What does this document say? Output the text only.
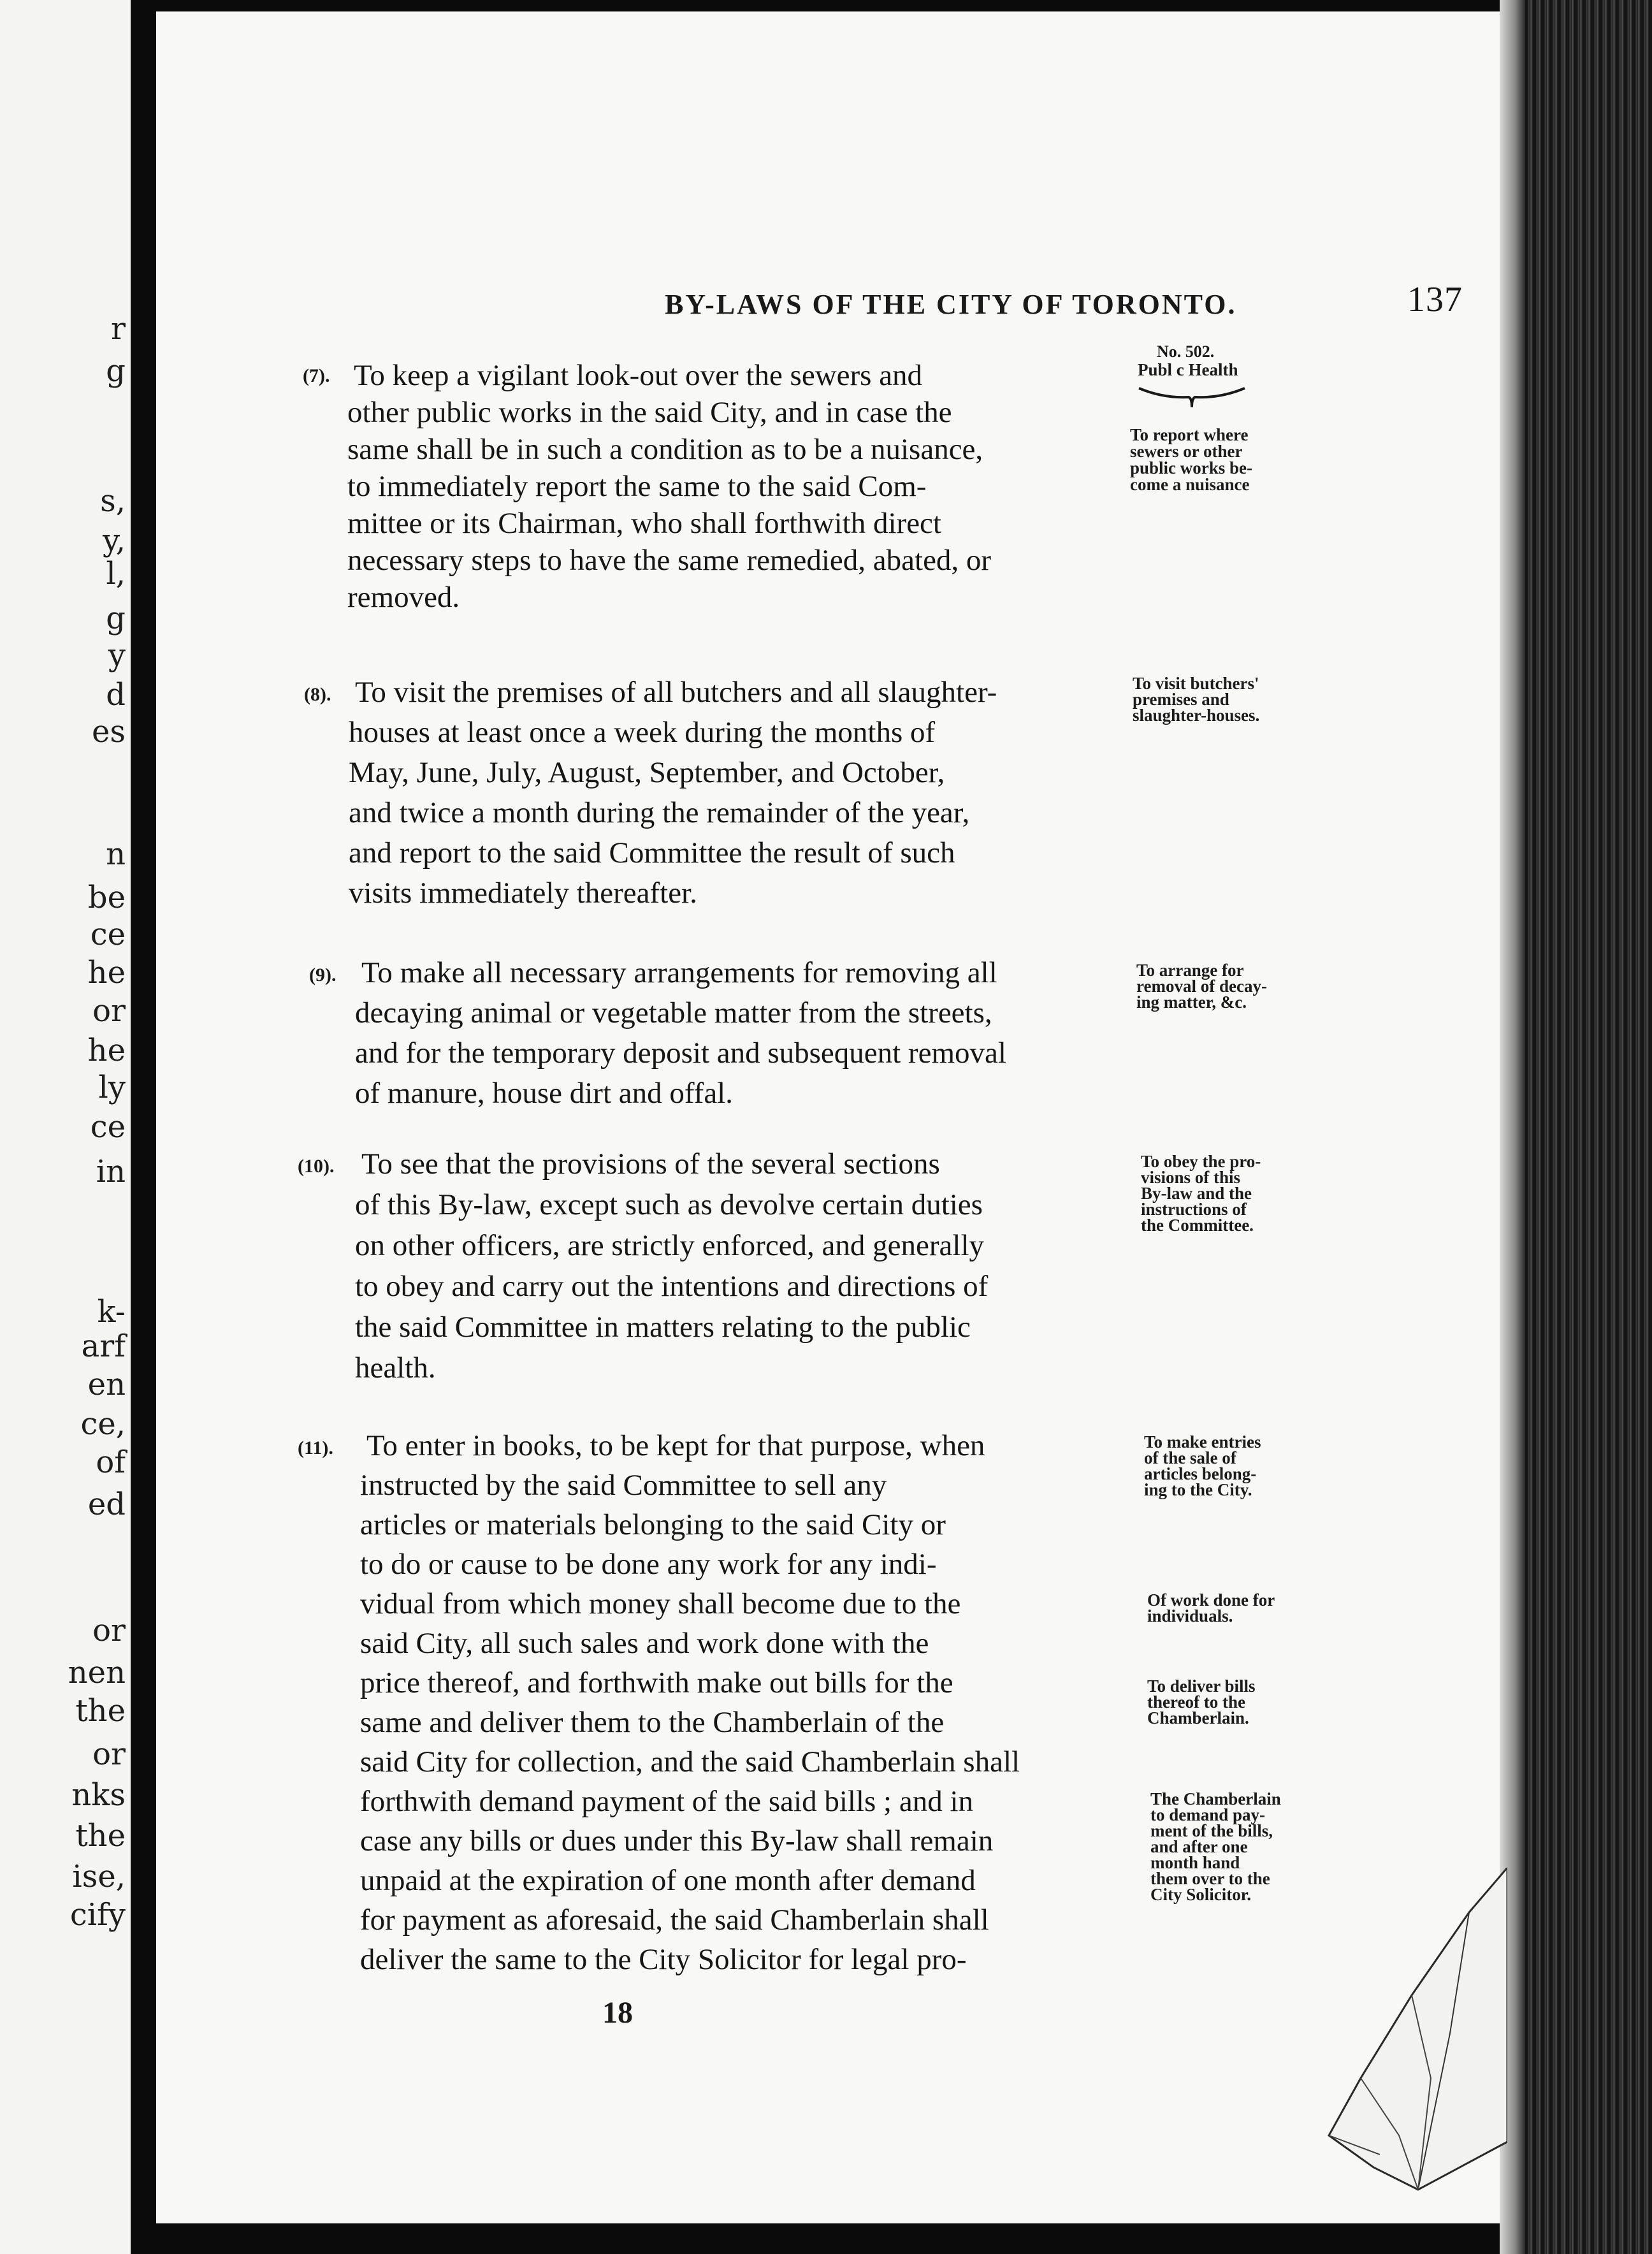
r
g
s,
y,
l,
g
y
d
es
n
be
ce
he
or
he
ly
ce
in
k-
arf
en
ce,
of
ed
or
nen
the
or
nks
the
ise,
cify
BY-LAWS OF THE CITY OF TORONTO.	137
No. 502.
Publ c Health
18
(7). To keep a vigilant look-out over the sewers and
other public works in the said City, and in case the
same shall be in such a condition as to be a nuisance,
to immediately report the same to the said Com-
mittee or its Chairman, who shall forthwith direct
necessary steps to have the same remedied, abated, or
removed.
To report where
sewers or other
public works be-
come a nuisance
(8). To visit the premises of all butchers and all slaughter-
houses at least once a week during the months of
May, June, July, August, September, and October,
and twice a month during the remainder of the year,
and report to the said Committee the result of such
visits immediately thereafter.
To visit butchers'
premises and
slaughter-houses.
(9). To make all necessary arrangements for removing all
decaying animal or vegetable matter from the streets,
and for the temporary deposit and subsequent removal
of manure, house dirt and offal.
To arrange for
removal of decay-
ing matter, &c.
(10). To see that the provisions of the several sections
of this By-law, except such as devolve certain duties
on other officers, are strictly enforced, and generally
to obey and carry out the intentions and directions of
the said Committee in matters relating to the public
health.
To obey the pro-
visions of this
By-law and the
instructions of
the Committee.
(11). To enter in books, to be kept for that purpose, when
instructed by the said Committee to sell any
articles or materials belonging to the said City or
to do or cause to be done any work for any indi-
vidual from which money shall become due to the
said City, all such sales and work done with the
price thereof, and forthwith make out bills for the
same and deliver them to the Chamberlain of the
said City for collection, and the said Chamberlain shall
forthwith demand payment of the said bills ; and in
case any bills or dues under this By-law shall remain
unpaid at the expiration of one month after demand
for payment as aforesaid, the said Chamberlain shall
deliver the same to the City Solicitor for legal pro-
To make entries
of the sale of
articles belong-
ing to the City.
Of work done for
individuals.
To deliver bills
thereof to the
Chamberlain.
The Chamberlain
to demand pay-
ment of the bills,
and after one
month hand
them over to the
City Solicitor.
